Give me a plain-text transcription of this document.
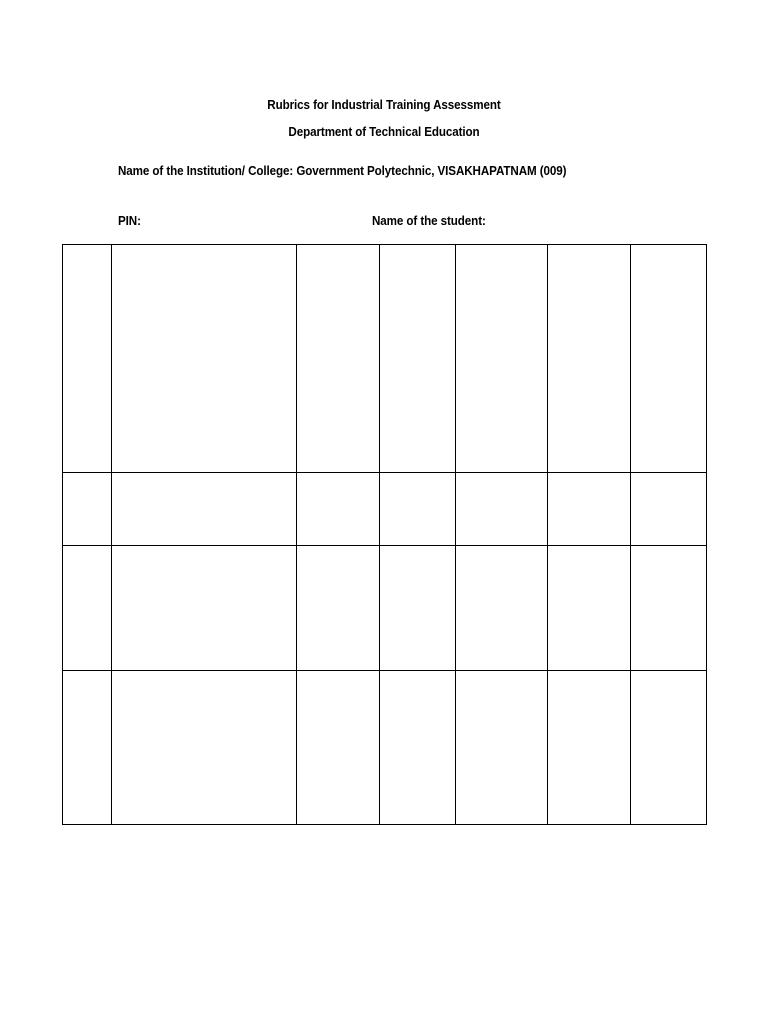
Rubrics for Industrial Training Assessment
Department of Technical Education
Name of the Institution/ College: Government Polytechnic, VISAKHAPATNAM (009)
PIN:	Name of the student:
